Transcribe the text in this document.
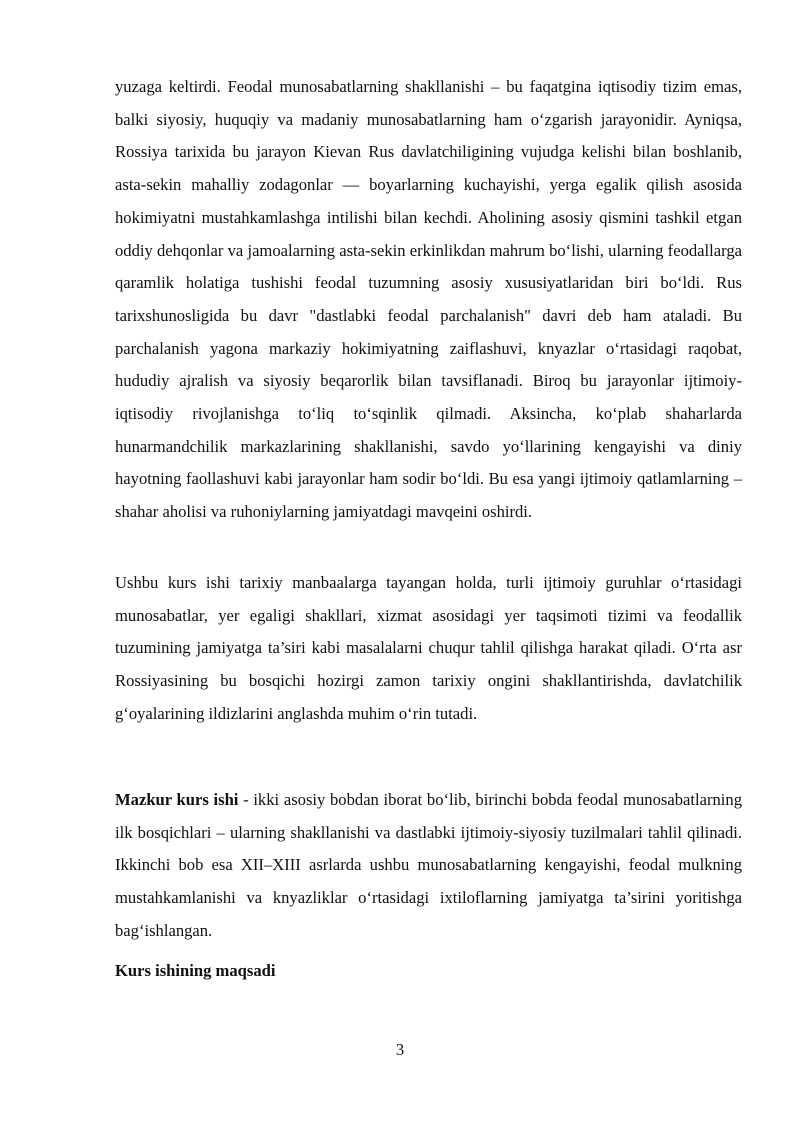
yuzaga keltirdi. Feodal munosabatlarning shakllanishi – bu faqatgina iqtisodiy tizim emas, balki siyosiy, huquqiy va madaniy munosabatlarning ham oʻzgarish jarayonidir. Ayniqsa, Rossiya tarixida bu jarayon Kievan Rus davlatchiligining vujudga kelishi bilan boshlanib, asta-sekin mahalliy zodagonlar — boyarlarning kuchayishi, yerga egalik qilish asosida hokimiyatni mustahkamlashga intilishi bilan kechdi. Aholining asosiy qismini tashkil etgan oddiy dehqonlar va jamoalarning asta-sekin erkinlikdan mahrum boʻlishi, ularning feodallarga qaramlik holatiga tushishi feodal tuzumning asosiy xususiyatlaridan biri boʻldi. Rus tarixshunosligida bu davr "dastlabki feodal parchalanish" davri deb ham ataladi. Bu parchalanish yagona markaziy hokimiyatning zaiflashuvi, knyazlar oʻrtasidagi raqobat, hududiy ajralish va siyosiy beqarorlik bilan tavsiflanadi. Biroq bu jarayonlar ijtimoiy-iqtisodiy rivojlanishga toʻliq toʻsqinlik qilmadi. Aksincha, koʻplab shaharlarda hunarmandchilik markazlarining shakllanishi, savdo yoʻllarining kengayishi va diniy hayotning faollashuvi kabi jarayonlar ham sodir boʻldi. Bu esa yangi ijtimoiy qatlamlarning – shahar aholisi va ruhoniylarning jamiyatdagi mavqeini oshirdi.

Ushbu kurs ishi tarixiy manbaalarga tayangan holda, turli ijtimoiy guruhlar oʻrtasidagi munosabatlar, yer egaligi shakllari, xizmat asosidagi yer taqsimoti tizimi va feodallik tuzumining jamiyatga ta’siri kabi masalalarni chuqur tahlil qilishga harakat qiladi. Oʻrta asr Rossiyasining bu bosqichi hozirgi zamon tarixiy ongini shakllantirishda, davlatchilik gʻoyalarining ildizlarini anglashda muhim oʻrin tutadi.

Mazkur kurs ishi - ikki asosiy bobdan iborat boʻlib, birinchi bobda feodal munosabatlarning ilk bosqichlari – ularning shakllanishi va dastlabki ijtimoiy-siyosiy tuzilmalari tahlil qilinadi. Ikkinchi bob esa XII–XIII asrlarda ushbu munosabatlarning kengayishi, feodal mulkning mustahkamlanishi va knyazliklar oʻrtasidagi ixtiloflarning jamiyatga ta’sirini yoritishga bagʻishlangan.

Kurs ishining maqsadi

3
